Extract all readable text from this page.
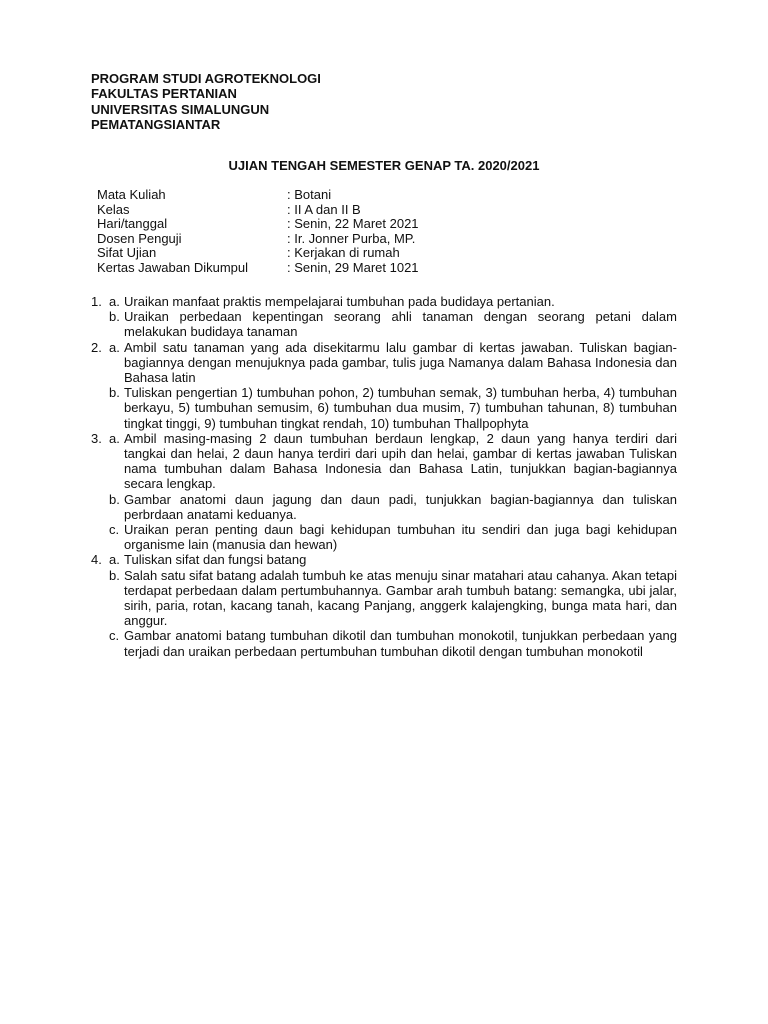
PROGRAM STUDI AGROTEKNOLOGI
FAKULTAS PERTANIAN
UNIVERSITAS SIMALUNGUN
PEMATANGSIANTAR
UJIAN TENGAH SEMESTER GENAP TA. 2020/2021
Mata Kuliah	: Botani
Kelas	: II A dan II B
Hari/tanggal	: Senin, 22 Maret 2021
Dosen Penguji	: Ir. Jonner Purba, MP.
Sifat Ujian	: Kerjakan di rumah
Kertas Jawaban Dikumpul	: Senin, 29 Maret 1021
1. a. Uraikan manfaat praktis mempelajarai tumbuhan pada budidaya pertanian.
b. Uraikan perbedaan kepentingan seorang ahli tanaman dengan seorang petani dalam melakukan budidaya tanaman
2. a. Ambil satu tanaman yang ada disekitarmu lalu gambar di kertas jawaban. Tuliskan bagian-bagiannya dengan menujuknya pada gambar, tulis juga Namanya dalam Bahasa Indonesia dan Bahasa latin
b. Tuliskan pengertian 1) tumbuhan pohon, 2) tumbuhan semak, 3) tumbuhan herba, 4) tumbuhan berkayu, 5) tumbuhan semusim, 6) tumbuhan dua musim, 7) tumbuhan tahunan, 8) tumbuhan tingkat tinggi, 9) tumbuhan tingkat rendah, 10) tumbuhan Thallpophyta
3. a. Ambil masing-masing 2 daun tumbuhan berdaun lengkap, 2 daun yang hanya terdiri dari tangkai dan helai, 2 daun hanya terdiri dari upih dan helai, gambar di kertas jawaban Tuliskan nama tumbuhan dalam Bahasa Indonesia dan Bahasa Latin, tunjukkan bagian-bagiannya secara lengkap.
b. Gambar anatomi daun jagung dan daun padi, tunjukkan bagian-bagiannya dan tuliskan perbrdaan anatami keduanya.
c. Uraikan peran penting daun bagi kehidupan tumbuhan itu sendiri dan juga bagi kehidupan organisme lain (manusia dan hewan)
4. a. Tuliskan sifat dan fungsi batang
b. Salah satu sifat batang adalah tumbuh ke atas menuju sinar matahari atau cahanya. Akan tetapi terdapat perbedaan dalam pertumbuhannya. Gambar arah tumbuh batang: semangka, ubi jalar, sirih, paria, rotan, kacang tanah, kacang Panjang, anggerk kalajengking, bunga mata hari, dan anggur.
c. Gambar anatomi batang tumbuhan dikotil dan tumbuhan monokotil, tunjukkan perbedaan yang terjadi dan uraikan perbedaan pertumbuhan tumbuhan dikotil dengan tumbuhan monokotil
